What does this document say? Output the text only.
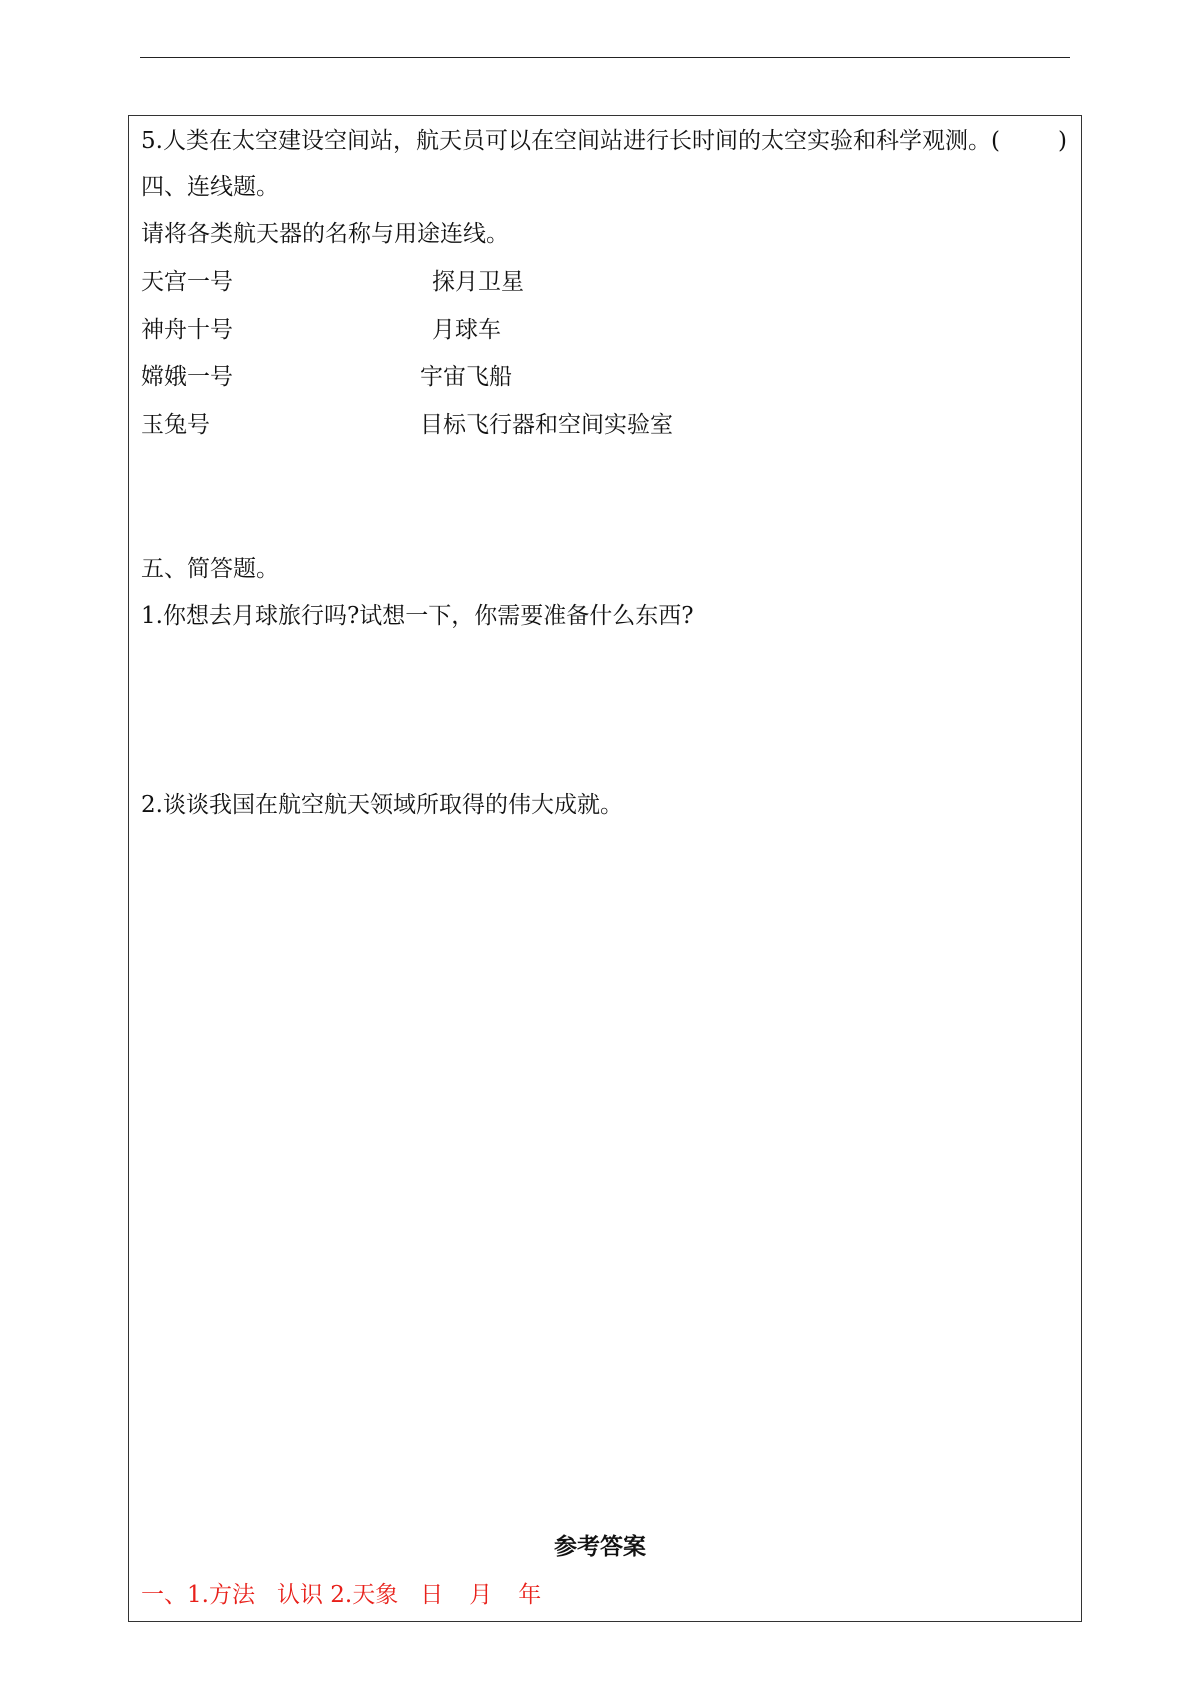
5.人类在太空建设空间站，航天员可以在空间站进行长时间的太空实验和科学观测。(	)
四、连线题。
请将各类航天器的名称与用途连线。
天宫一号	探月卫星
神舟十号	月球车
嫦娥一号	宇宙飞船
玉兔号	目标飞行器和空间实验室
五、简答题。
1.你想去月球旅行吗?试想一下，你需要准备什么东西?
2.谈谈我国在航空航天领域所取得的伟大成就。
参考答案
一、1.方法 认识 2.天象 日 月 年
